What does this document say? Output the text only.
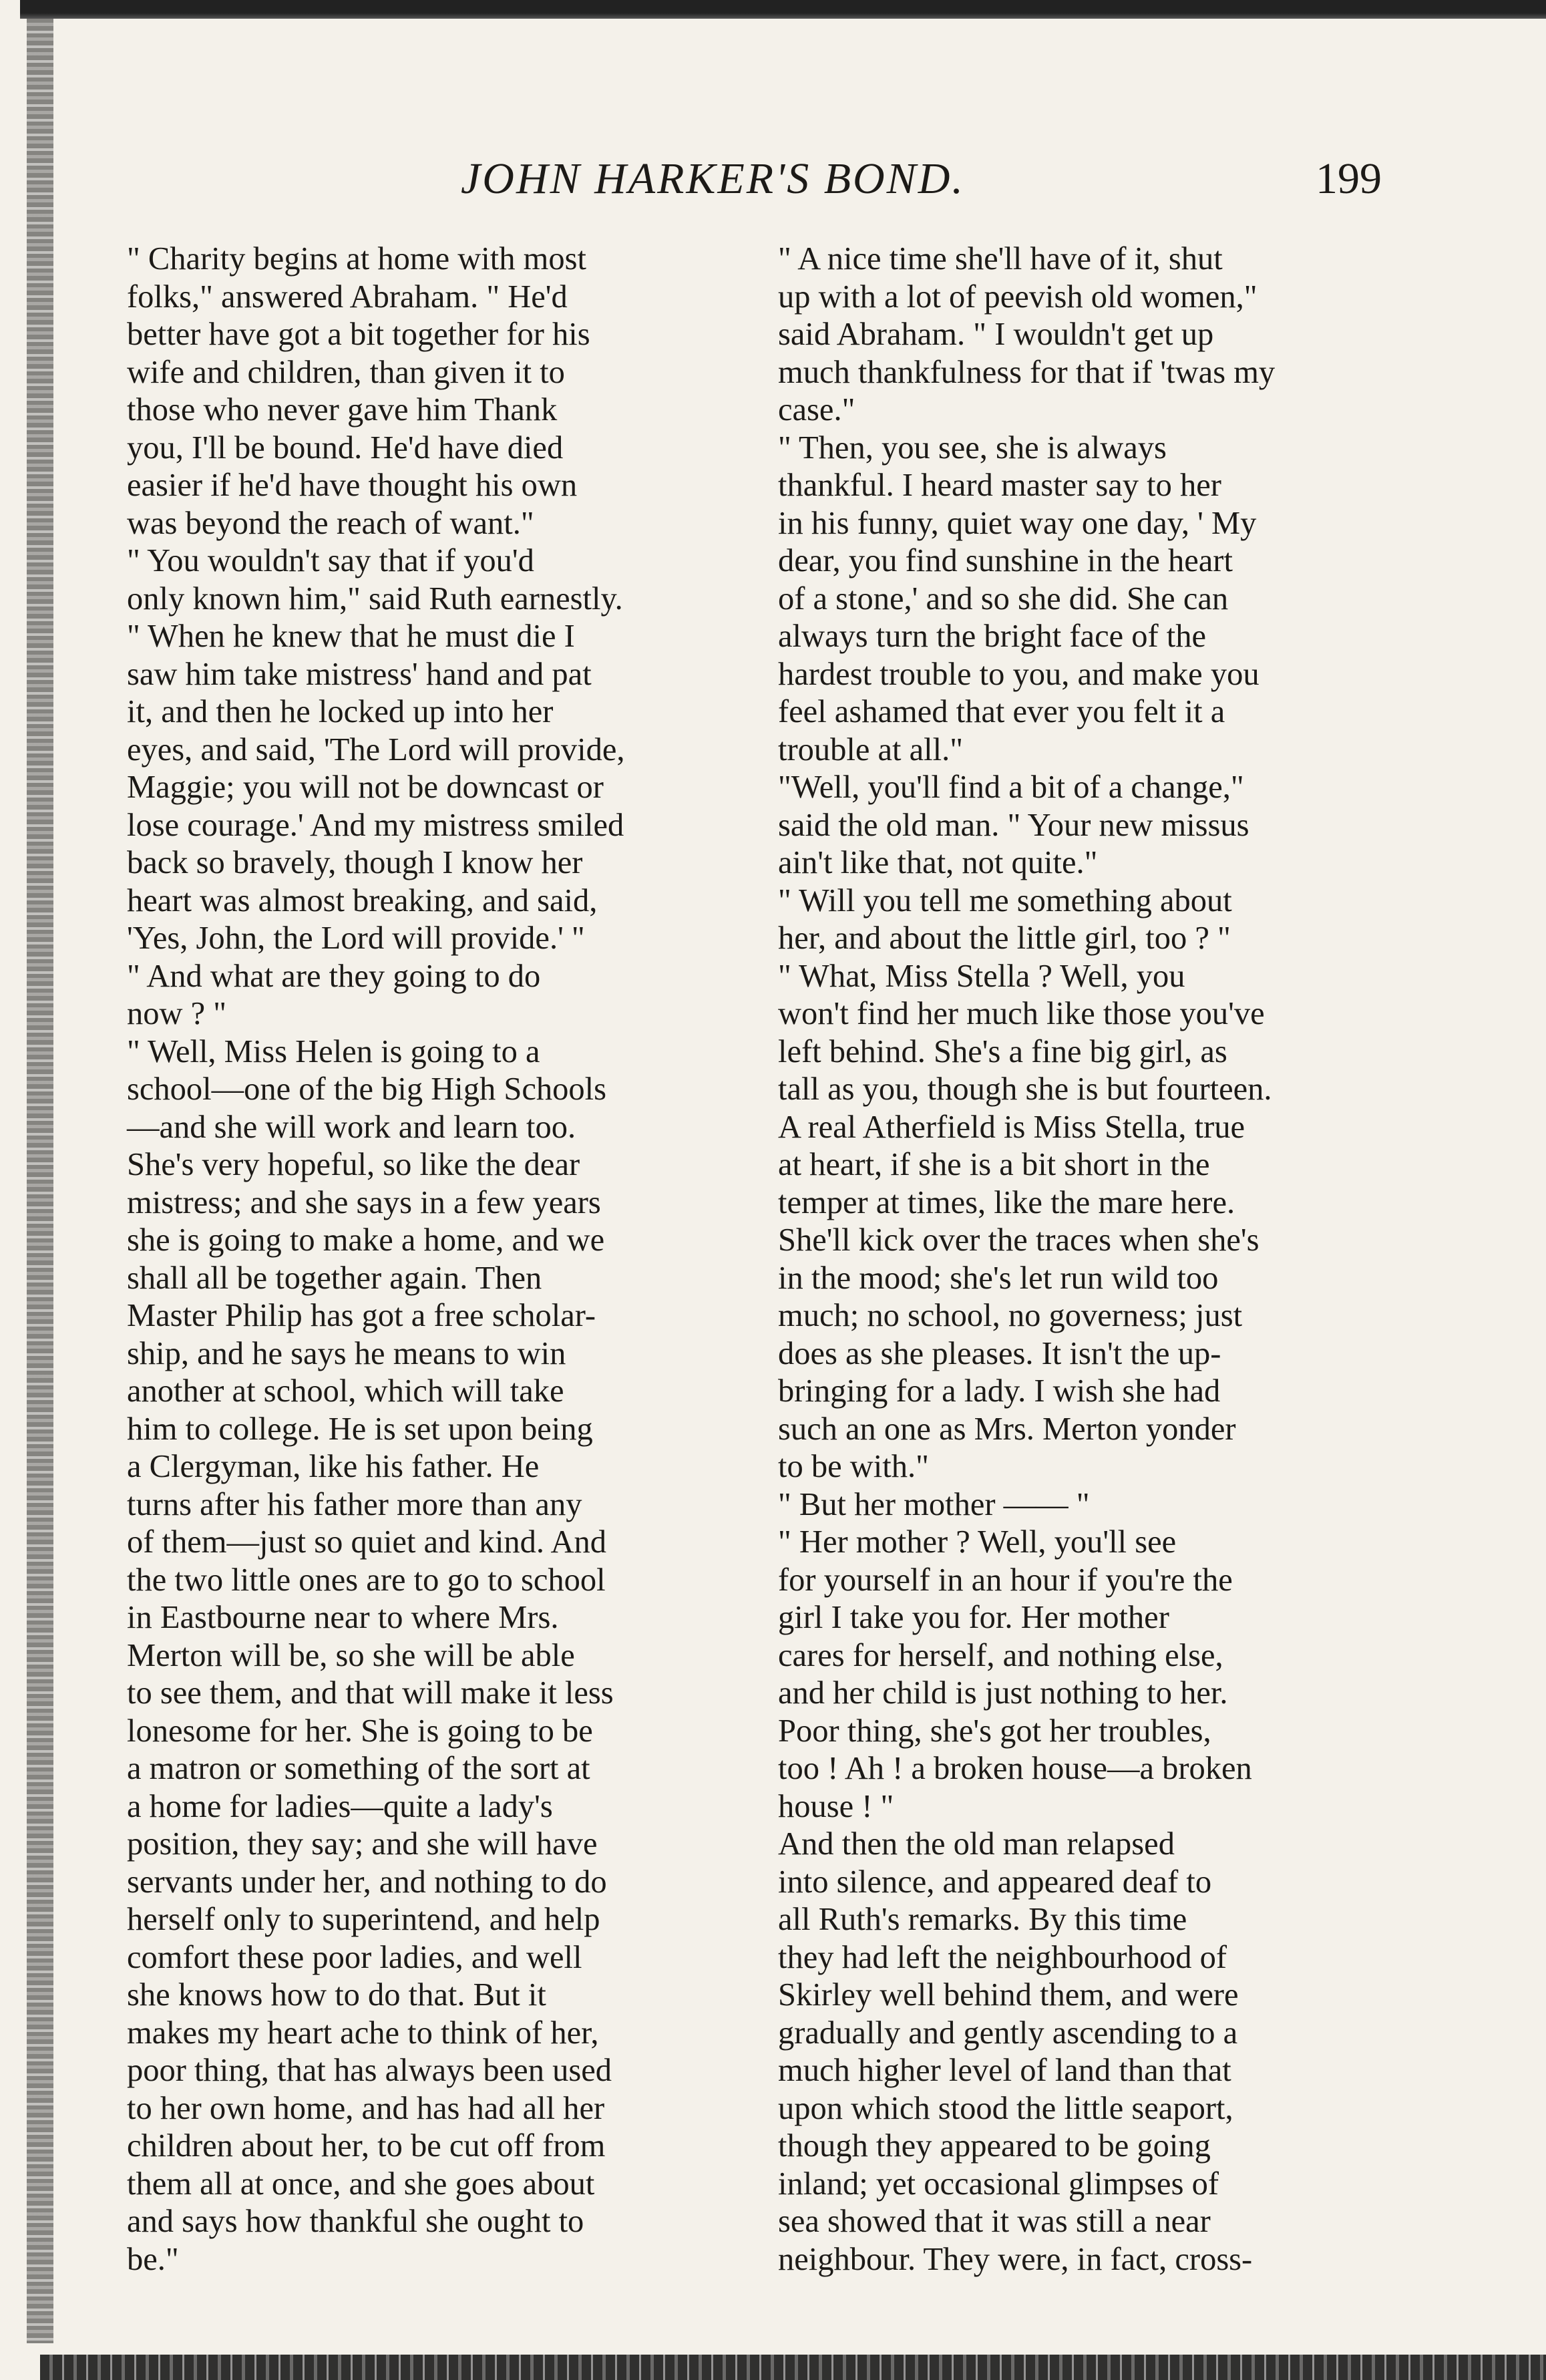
JOHN HARKER'S BOND.	199
" Charity begins at home with most
folks," answered Abraham. " He'd
better have got a bit together for his
wife and children, than given it to
those who never gave him Thank
you, I'll be bound. He'd have died
easier if he'd have thought his own
was beyond the reach of want."
" You wouldn't say that if you'd
only known him," said Ruth earnestly.
" When he knew that he must die I
saw him take mistress' hand and pat
it, and then he locked up into her
eyes, and said, 'The Lord will provide,
Maggie; you will not be downcast or
lose courage.' And my mistress smiled
back so bravely, though I know her
heart was almost breaking, and said,
'Yes, John, the Lord will provide.' "
" And what are they going to do
now ? "
" Well, Miss Helen is going to a
school—one of the big High Schools
—and she will work and learn too.
She's very hopeful, so like the dear
mistress; and she says in a few years
she is going to make a home, and we
shall all be together again. Then
Master Philip has got a free scholar-
ship, and he says he means to win
another at school, which will take
him to college. He is set upon being
a Clergyman, like his father. He
turns after his father more than any
of them—just so quiet and kind. And
the two little ones are to go to school
in Eastbourne near to where Mrs.
Merton will be, so she will be able
to see them, and that will make it less
lonesome for her. She is going to be
a matron or something of the sort at
a home for ladies—quite a lady's
position, they say; and she will have
servants under her, and nothing to do
herself only to superintend, and help
comfort these poor ladies, and well
she knows how to do that. But it
makes my heart ache to think of her,
poor thing, that has always been used
to her own home, and has had all her
children about her, to be cut off from
them all at once, and she goes about
and says how thankful she ought to
be."
" A nice time she'll have of it, shut
up with a lot of peevish old women,"
said Abraham. " I wouldn't get up
much thankfulness for that if 'twas my
case."
" Then, you see, she is always
thankful. I heard master say to her
in his funny, quiet way one day, ' My
dear, you find sunshine in the heart
of a stone,' and so she did. She can
always turn the bright face of the
hardest trouble to you, and make you
feel ashamed that ever you felt it a
trouble at all."
"Well, you'll find a bit of a change,"
said the old man. " Your new missus
ain't like that, not quite."
" Will you tell me something about
her, and about the little girl, too ? "
" What, Miss Stella ? Well, you
won't find her much like those you've
left behind. She's a fine big girl, as
tall as you, though she is but fourteen.
A real Atherfield is Miss Stella, true
at heart, if she is a bit short in the
temper at times, like the mare here.
She'll kick over the traces when she's
in the mood; she's let run wild too
much; no school, no governess; just
does as she pleases. It isn't the up-
bringing for a lady. I wish she had
such an one as Mrs. Merton yonder
to be with."
" But her mother —— "
" Her mother ? Well, you'll see
for yourself in an hour if you're the
girl I take you for. Her mother
cares for herself, and nothing else,
and her child is just nothing to her.
Poor thing, she's got her troubles,
too ! Ah ! a broken house—a broken
house ! "
And then the old man relapsed
into silence, and appeared deaf to
all Ruth's remarks. By this time
they had left the neighbourhood of
Skirley well behind them, and were
gradually and gently ascending to a
much higher level of land than that
upon which stood the little seaport,
though they appeared to be going
inland; yet occasional glimpses of
sea showed that it was still a near
neighbour. They were, in fact, cross-
